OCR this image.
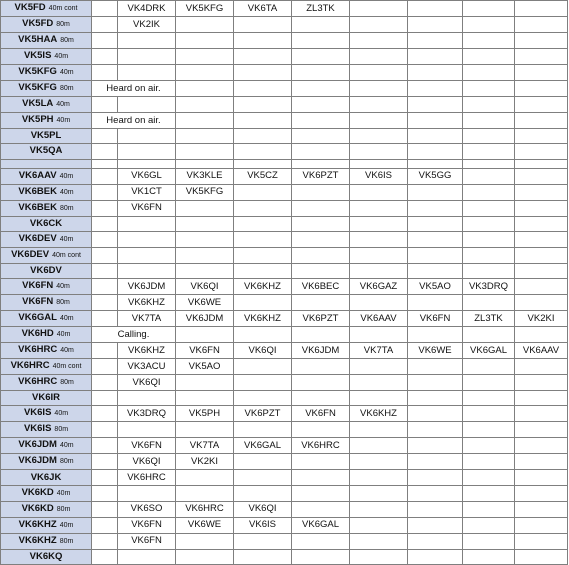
VK5FD 40m cont		VK4DRK	VK5KFG	VK6TA	ZL3TK				
VK5FD 80m		VK2IK							
VK5HAA 80m									
VK5IS 40m									
VK5KFG 40m									
VK5KFG 80m	Heard on air.								
VK5LA 40m									
VK5PH 40m	Heard on air.								
VK5PL									
VK5QA									

VK6AAV 40m		VK6GL	VK3KLE	VK5CZ	VK6PZT	VK6IS	VK5GG		
VK6BEK 40m		VK1CT	VK5KFG						
VK6BEK 80m		VK6FN							
VK6CK									
VK6DEV 40m									
VK6DEV 40m cont									
VK6DV									
VK6FN 40m		VK6JDM	VK6QI	VK6KHZ	VK6BEC	VK6GAZ	VK5AO	VK3DRQ	
VK6FN 80m		VK6KHZ	VK6WE						
VK6GAL 40m		VK7TA	VK6JDM	VK6KHZ	VK6PZT	VK6AAV	VK6FN	ZL3TK	VK2KI
VK6HD 40m	Calling.								
VK6HRC 40m		VK6KHZ	VK6FN	VK6QI	VK6JDM	VK7TA	VK6WE	VK6GAL	VK6AAV
VK6HRC 40m cont		VK3ACU	VK5AO						
VK6HRC 80m		VK6QI							
VK6IR									
VK6IS 40m		VK3DRQ	VK5PH	VK6PZT	VK6FN	VK6KHZ			
VK6IS 80m									
VK6JDM 40m		VK6FN	VK7TA	VK6GAL	VK6HRC				
VK6JDM 80m		VK6QI	VK2KI						
VK6JK		VK6HRC							
VK6KD 40m									
VK6KD 80m		VK6SO	VK6HRC	VK6QI					
VK6KHZ 40m		VK6FN	VK6WE	VK6IS	VK6GAL				
VK6KHZ 80m		VK6FN							
VK6KQ									
